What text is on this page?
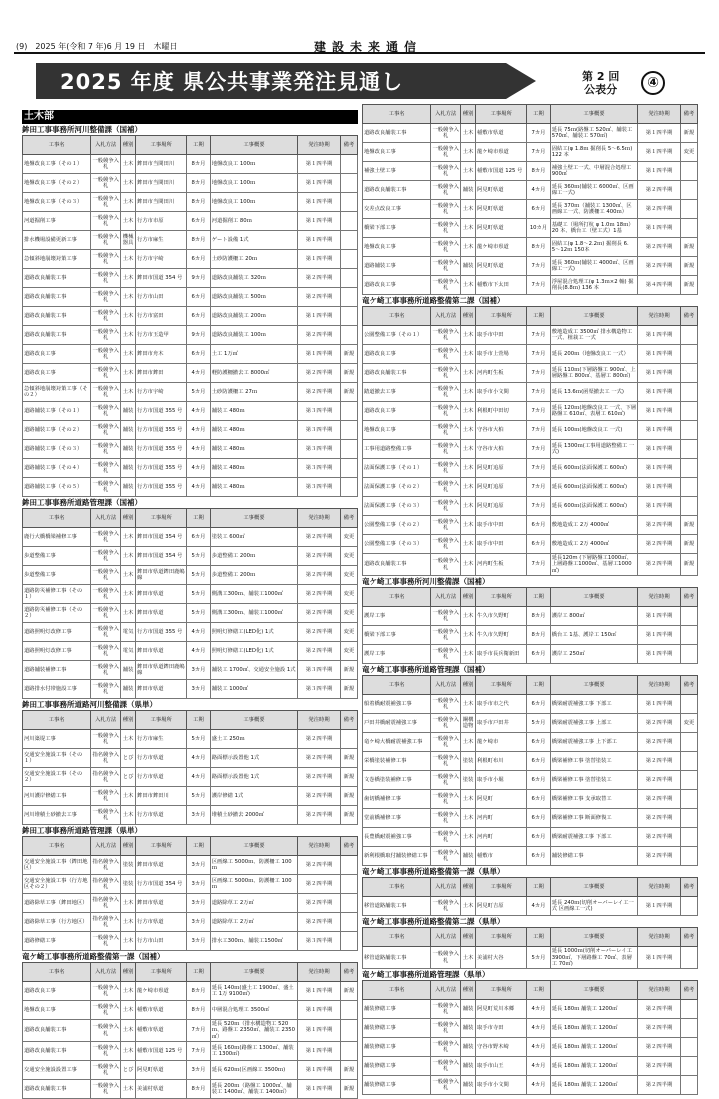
(9)　2025 年(令和 7 年)6 月 19 日　木曜日	建設未来通信
2025 年度 県公共事業発注見通し	第 2 回
公表分	④
土木部
鉾田工事事務所河川整備課（国補）
工事名	入札方法	種別	工事場所	工期	工事概要	発注時期	備考
地盤改良工事（その１）	一般競争入札	土木	鉾田市当間田川	8カ月	地盤改良工 100ｍ	第１四半期	
地盤改良工事（その２）	一般競争入札	土木	鉾田市当間田川	8カ月	地盤改良工 100ｍ	第１四半期	
地盤改良工事（その３）	一般競争入札	土木	鉾田市当間田川	8カ月	地盤改良工 100ｍ	第１四半期	
河道掘削工事	一般競争入札	土木	行方市市原	6カ月	河道掘削工 80ｍ	第１四半期	
排水機場設備更新工事	一般競争入札	機械器具	行方市麻生	8カ月	ゲート設備 1式	第１四半期	
急傾斜地崩壊対策工事	一般競争入札	土木	行方市宇崎	6カ月	土砂防護柵工 20ｍ	第１四半期	
道路改良舗装工事	一般競争入札	土木	鉾田市国道 354 号	9カ月	道路改良舗装工 320ｍ	第２四半期	
道路改良舗装工事	一般競争入札	土木	行方市山田	6カ月	道路改良舗装工 500ｍ	第２四半期	
道路改良舗装工事	一般競争入札	土木	行方市富田	6カ月	道路改良舗装工 200ｍ	第１四半期	
道路改良舗装工事	一般競争入札	土木	行方市玉造甲	9カ月	道路改良舗装工 100ｍ	第２四半期	
道路改良工事	一般競争入札	土木	鉾田市舟木	6カ月	土工 1万㎥	第１四半期	新規
道路改良工事	一般競争入札	土木	鉾田市鉾田	4カ月	軽防護柵撤去工 8000㎡	第２四半期	新規
急傾斜地崩壊対策工事（その２）	一般競争入札	土木	行方市宇崎	5カ月	土砂防護柵工 27ｍ	第２四半期	新規
道路舗装工事（その１）	一般競争入札	舗装	行方市国道 355 号	4カ月	舗装工 480ｍ	第３四半期	
道路舗装工事（その２）	一般競争入札	舗装	行方市国道 355 号	4カ月	舗装工 480ｍ	第３四半期	
道路舗装工事（その３）	一般競争入札	舗装	行方市国道 355 号	4カ月	舗装工 480ｍ	第３四半期	
道路舗装工事（その４）	一般競争入札	舗装	行方市国道 355 号	4カ月	舗装工 480ｍ	第３四半期	
道路舗装工事（その５）	一般競争入札	舗装	行方市国道 355 号	4カ月	舗装工 480ｍ	第３四半期	
鉾田工事事務所道路管理課（国補）
工事名	入札方法	種別	工事場所	工期	工事概要	発注時期	備考
鹿行大橋橋梁補修工事	一般競争入札	土木	鉾田市国道 354 号	6カ月	塗装工 600㎡	第２四半期	変更
歩道整備工事	一般競争入札	土木	鉾田市国道 354 号	5カ月	歩道整備工 200ｍ	第２四半期	変更
歩道整備工事	一般競争入札	土木	鉾田市県道鉾田鹿嶋線	5カ月	歩道整備工 200ｍ	第２四半期	変更
道路防災補修工事（その１）	一般競争入札	土木	鉾田市県道	5カ月	側溝工300ｍ、舗装工1000㎡	第２四半期	変更
道路防災補修工事（その２）	一般競争入札	土木	鉾田市県道	5カ月	側溝工300ｍ、舗装工1000㎡	第２四半期	変更
道路照明灯改修工事	一般競争入札	電気	行方市国道 355 号	4カ月	照明灯修繕工(LED化) 1式	第２四半期	変更
道路照明灯改修工事	一般競争入札	電気	鉾田市県道	4カ月	照明灯修繕工(LED化) 1式	第２四半期	変更
道路舗装補修工事	一般競争入札	舗装	鉾田市県道鉾田鹿嶋線	3カ月	舗装工 1700㎡、交通安全施設 1式	第３四半期	新規
道路排水付帯施設工事	一般競争入札	舗装	鉾田市県道	3カ月	舗装工 1000㎡	第３四半期	新規
鉾田工事事務所道路河川整備課（県単）
工事名	入札方法	種別	工事場所	工期	工事概要	発注時期	備考
河川築堤工事	一般競争入札	土木	行方市麻生	5カ月	盛土工 250ｍ	第２四半期	
交通安全施設工事（その１）	指名競争入札	とび	行方市県道	4カ月	路面標示設置他 1式	第２四半期	新規
交通安全施設工事（その２）	指名競争入札	とび	行方市県道	4カ月	路面標示設置他 1式	第２四半期	新規
河川護岸修繕工事	一般競争入札	土木	鉾田市鉾田川	5カ月	護岸修繕 1式	第２四半期	新規
河川堆積土砂撤去工事	一般競争入札	土木	行方市県道	3カ月	堆積土砂撤去 2000㎥	第２四半期	新規
鉾田工事事務所道路管理課（県単）
工事名	入札方法	種別	工事場所	工期	工事概要	発注時期	備考
交通安全施設工事（鉾田地区）	指名競争入札	塗装	鉾田市県道	3カ月	区画線工 5000ｍ、防護柵工 100ｍ	第２四半期	
交通安全施設工事（行方地区その２）	指名競争入札	塗装	行方市国道 354 号	3カ月	区画線工 5000ｍ、防護柵工 100ｍ	第２四半期	
道路除草工事（鉾田地区）	指名競争入札	土木	鉾田市県道	3カ月	道路除草工 2万㎡	第２四半期	
道路除草工事（行方地区）	指名競争入札	土木	行方市県道	3カ月	道路除草工 2万㎡	第２四半期	
道路修繕工事	一般競争入札	土木	行方市山田	3カ月	排水工300ｍ、舗装工1500㎡	第３四半期	
竜ケ崎工事事務所道路整備第一課（国補）
工事名	入札方法	種別	工事場所	工期	工事概要	発注時期	備考
道路改良工事	一般競争入札	土木	龍ケ崎市県道	8カ月	延長 140ｍ(盛土工 1900㎥、盛土工 1万 9100㎥)	第１四半期	新規
地盤改良工事	一般競争入札	土木	稲敷市県道	8カ月	中層混合処理工 3500㎡	第１四半期	
道路改良舗装工事	一般競争入札	土木	稲敷市県道	7カ月	延長 520ｍ（排水構造物工 520ｍ、路盤工 2350㎡、舗装工 2350㎡）	第１四半期	
道路改良舗装工事	一般競争入札	土木	稲敷市国道 125 号	7カ月	延長 160ｍ(路盤工 1300㎡、舗装工 1300㎡)	第１四半期	
交通安全施設設置工事	一般競争入札	とび	阿見町県道	3カ月	延長 620ｍ(区画線工 3500ｍ)	第１四半期	新規
道路改良舗装工事	一般競争入札	土木	美浦村県道	8カ月	延長 200ｍ（路盤工 1000㎡、舗装工 1400㎡、舗装工 1400㎡）	第１四半期	新規
工事名	入札方法	種別	工事場所	工期	工事概要	発注時期	備考
道路改良舗装工事	一般競争入札	土木	稲敷市県道	7カ月	延長 75ｍ(路盤工 520㎡、舗装工 570㎡、舗装工 570㎡)	第１四半期	新規
地盤改良工事	一般競争入札	土木	龍ケ崎市県道	7カ月	固結工(φ 1.8ｍ 掘削長 5〜6.5ｍ) 122 本	第１四半期	変更
補強土壁工事	一般競争入札	土木	稲敷市国道 125 号	8カ月	補強土壁工一式、中層混合処理工 900㎡	第１四半期	
道路改良舗装工事	一般競争入札	舗装	阿見町県道	4カ月	延長 360ｍ(舗装工 6000㎡、区画線工一式)	第２四半期	
交差点改良工事	一般競争入札	土木	阿見町県道	6カ月	延長 370ｍ（舗装工 1300㎡、区画線工一式、防護柵工 400ｍ）	第２四半期	
橋梁下部工事	一般競争入札	土木	阿見町県道	10カ月	基礎工（場所打杭 φ 1.0ｍ 18ｍ）20 本、橋台工（壁工式）1基	第１四半期	
地盤改良工事	一般競争入札	土木	龍ケ崎市県道	8カ月	固結工(φ 1.8〜2.2ｍ) 掘削長 6.5〜12ｍ 150本	第２四半期	新規
道路舗装工事	一般競争入札	舗装	阿見町県道	7カ月	延長 360ｍ(舗装工 4000㎡、区画線工一式)	第２四半期	新規
道路改良工事	一般競争入札	土木	稲敷市下太田	7カ月	浮屋混合処理工(φ 1.3ｍ×2 軸) 掘削長(8.8ｍ) 136 本	第４四半期	新規
竜ケ崎工事事務所道路整備第二課（国補）
工事名	入札方法	種別	工事場所	工期	工事概要	発注時期	備考
公園整備工事（その１）	一般競争入札	土木	取手市中田	7カ月	敷地造成工 3500㎡ 排水構造物工一式、植栽工 一式	第１四半期	
道路改良工事	一般競争入札	土木	取手市上萱場	7カ月	延長 200ｍ（地盤改良工 一式）	第１四半期	
道路改良舗装工事	一般競争入札	土木	河内町生板	7カ月	延長 110ｍ(下層路盤工 900㎡、上層路盤工 800㎡、基層工 800㎡)	第１四半期	
踏道撤去工事	一般競争入札	土木	取手市小文間	7カ月	延長 13.6ｍ(函渠撤去工 一式)	第１四半期	
道路改良工事	一般競争入札	土木	利根町中田切	7カ月	延長 120ｍ(地盤改良工 一式、下層路盤工 610㎡、表層工 610㎡)	第１四半期	
地盤改良工事	一般競争入札	土木	守谷市大柏	7カ月	延長 100ｍ(地盤改良工 一式)	第１四半期	
工事用道路整備工事	一般競争入札	土木	守谷市大柏	7カ月	延長 1300ｍ(工事用道路整備工 一式)	第１四半期	
法面保護工事（その１）	一般競争入札	土木	阿見町追原	7カ月	延長 600ｍ(法面保護工 600㎡)	第１四半期	
法面保護工事（その２）	一般競争入札	土木	阿見町追原	7カ月	延長 600ｍ(法面保護工 600㎡)	第１四半期	
法面保護工事（その３）	一般競争入札	土木	阿見町追原	7カ月	延長 600ｍ(法面保護工 600㎡)	第１四半期	
公園整備工事（その２）	一般競争入札	土木	取手市中田	6カ月	敷地造成工 2万 4000㎡	第２四半期	新規
公園整備工事（その３）	一般競争入札	土木	取手市中田	6カ月	敷地造成工 2万 4000㎡	第２四半期	新規
道路改良舗装工事	一般競争入札	土木	河内町生板	7カ月	延長120m (下層路盤工1000㎡、上層路盤工1000㎡、基層工1000㎡)	第２四半期	新規
竜ケ崎工事事務所河川整備課（国補）
工事名	入札方法	種別	工事場所	工期	工事概要	発注時期	備考
護岸工事	一般競争入札	土木	牛久市久野町	8カ月	護岸工 800㎡	第１四半期	
橋梁下部工事	一般競争入札	土木	牛久市久野町	8カ月	橋台工 1基、護岸工 150㎡	第１四半期	
護岸工事	一般競争入札	土木	取手市長兵衛新田	6カ月	護岸工 250㎡	第１四半期	
竜ケ崎工事事務所道路管理課（国補）
工事名	入札方法	種別	工事場所	工期	工事概要	発注時期	備考
船着橋耐震補強工事	一般競争入札	土木	取手市市之代	6カ月	橋梁耐震補強工事 下部工	第１四半期	
戸田井橋耐震補強工事	一般競争入札	鋼構造物	取手市戸田井	5カ月	橋梁耐震補強工事 上部工	第２四半期	変更
竜ケ崎大橋耐震補強工事	一般競争入札	土木	龍ケ崎市	6カ月	橋梁耐震補強工事 上下部工	第２四半期	
栄橋塗装補修工事	一般競争入札	塗装	利根町布川	6カ月	橋梁補修工事 塗替塗装工	第２四半期	
文巻橋塗装補修工事	一般競争入札	塗装	取手市小堀	6カ月	橋梁補修工事 塗替塗装工	第２四半期	
歯切橋補修工事	一般競争入札	土木	阿見町	6カ月	橋梁補修工事 支承取替工	第２四半期	
堂前橋補修工事	一般競争入札	土木	河内町	6カ月	橋梁補修工事 断面修復工	第２四半期	
長豊橋耐震補強工事	一般競争入札	土木	河内町	6カ月	橋梁耐震補強工事 下部工	第２四半期	
新利根橋取付舗装修繕工事	一般競争入札	舗装	稲敷市	6カ月	舗装修繕工事	第２四半期	
竜ケ崎工事事務所道路整備第一課（県単）
工事名	入札方法	種別	工事場所	工期	工事概要	発注時期	備考
移管道路舗装工事	一般競争入札	土木	阿見町吉原	4カ月	延長 240ｍ(切削オーバーレイ工一式 区画線工一式)	第１四半期	
竜ケ崎工事事務所道路整備第二課（県単）
工事名	入札方法	種別	工事場所	工期	工事概要	発注時期	備考
移管道路舗装工事	一般競争入札	土木	美浦村大谷	5カ月	延長 1000ｍ(切削オーバーレイ工 3900㎡、下層路盤工 70㎡、表層工 70㎡)	第１四半期	
竜ケ崎工事事務所道路管理課（県単）
工事名	入札方法	種別	工事場所	工期	工事概要	発注時期	備考
舗装修繕工事	一般競争入札	舗装	阿見町荒川本郷	4カ月	延長 180ｍ 舗装工 1200㎡	第２四半期	
舗装修繕工事	一般競争入札	舗装	取手市寺田	4カ月	延長 180ｍ 舗装工 1200㎡	第２四半期	
舗装修繕工事	一般競争入札	舗装	守谷市野木崎	4カ月	延長 180ｍ 舗装工 1200㎡	第２四半期	
舗装修繕工事	一般競争入札	舗装	取手市山王	4カ月	延長 180ｍ 舗装工 1200㎡	第２四半期	
舗装修繕工事	一般競争入札	舗装	取手市小文間	4カ月	延長 180ｍ 舗装工 1200㎡	第２四半期	
